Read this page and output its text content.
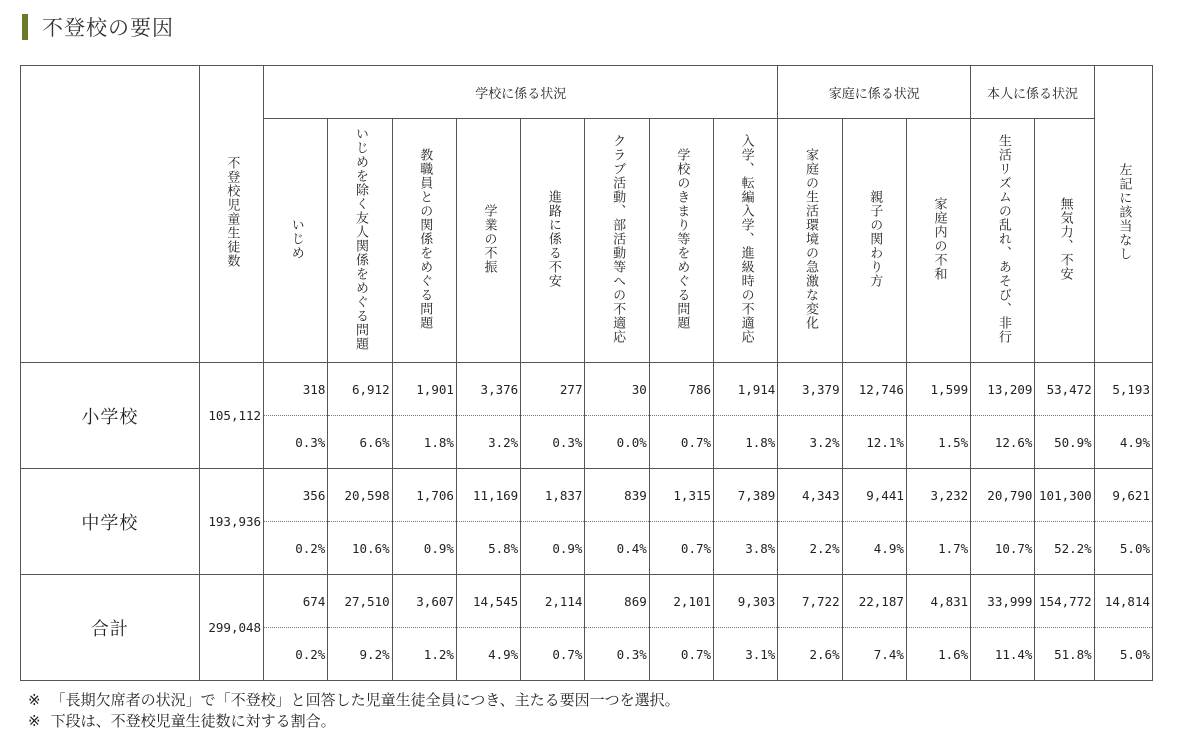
不登校の要因
	不登校児童生徒数	学校に係る状況								家庭に係る状況			本人に係る状況		左記に該当なし
		いじめ	いじめを除く友人関係をめぐる問題	教職員との関係をめぐる問題	学業の不振	進路に係る不安	クラブ活動、部活動等への不適応	学校のきまり等をめぐる問題	入学、転編入学、進級時の不適応	家庭の生活環境の急激な変化	親子の関わり方	家庭内の不和	生活リズムの乱れ、あそび、非行	無気力、不安	
小学校	105,112	318	6,912	1,901	3,376	277	30	786	1,914	3,379	12,746	1,599	13,209	53,472	5,193
		0.3%	6.6%	1.8%	3.2%	0.3%	0.0%	0.7%	1.8%	3.2%	12.1%	1.5%	12.6%	50.9%	4.9%
中学校	193,936	356	20,598	1,706	11,169	1,837	839	1,315	7,389	4,343	9,441	3,232	20,790	101,300	9,621
		0.2%	10.6%	0.9%	5.8%	0.9%	0.4%	0.7%	3.8%	2.2%	4.9%	1.7%	10.7%	52.2%	5.0%
合計	299,048	674	27,510	3,607	14,545	2,114	869	2,101	9,303	7,722	22,187	4,831	33,999	154,772	14,814
		0.2%	9.2%	1.2%	4.9%	0.7%	0.3%	0.7%	3.1%	2.6%	7.4%	1.6%	11.4%	51.8%	5.0%
※ 「長期欠席者の状況」で「不登校」と回答した児童生徒全員につき、主たる要因一つを選択。
※ 下段は、不登校児童生徒数に対する割合。
